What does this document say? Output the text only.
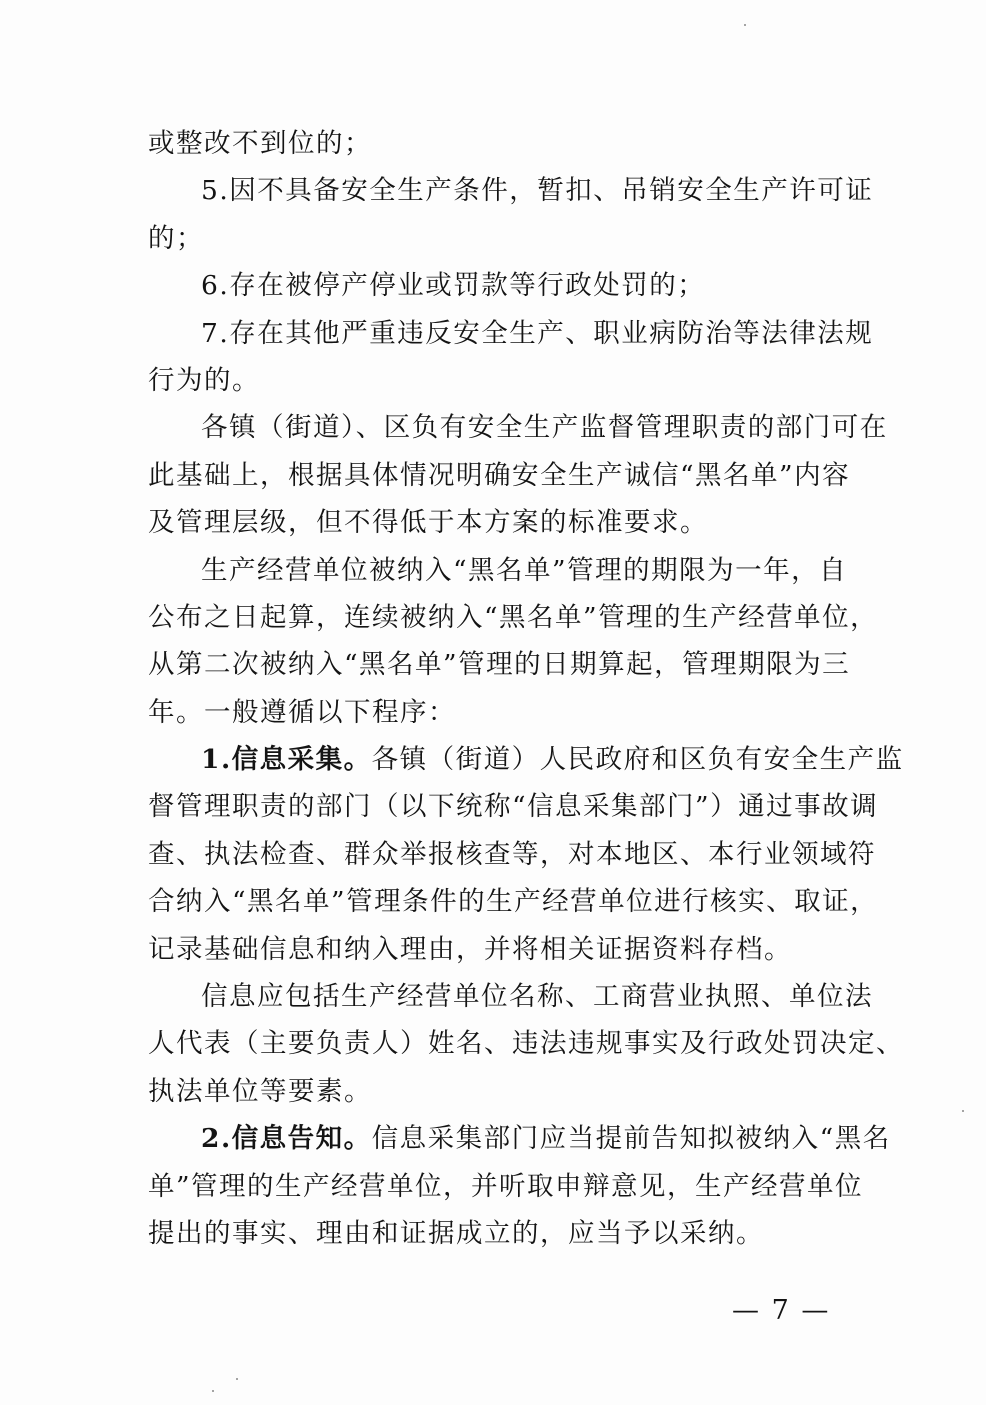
或整改不到位的；
5.因不具备安全生产条件，暂扣、吊销安全生产许可证
的；
6.存在被停产停业或罚款等行政处罚的；
7.存在其他严重违反安全生产、职业病防治等法律法规
行为的。
各镇（街道）、区负有安全生产监督管理职责的部门可在
此基础上，根据具体情况明确安全生产诚信“黑名单”内容
及管理层级，但不得低于本方案的标准要求。
生产经营单位被纳入“黑名单”管理的期限为一年，自
公布之日起算，连续被纳入“黑名单”管理的生产经营单位，
从第二次被纳入“黑名单”管理的日期算起，管理期限为三
年。一般遵循以下程序：
1.信息采集。各镇（街道）人民政府和区负有安全生产监
督管理职责的部门（以下统称“信息采集部门”）通过事故调
查、执法检查、群众举报核查等，对本地区、本行业领域符
合纳入“黑名单”管理条件的生产经营单位进行核实、取证，
记录基础信息和纳入理由，并将相关证据资料存档。
信息应包括生产经营单位名称、工商营业执照、单位法
人代表（主要负责人）姓名、违法违规事实及行政处罚决定、
执法单位等要素。
2.信息告知。信息采集部门应当提前告知拟被纳入“黑名
单”管理的生产经营单位，并听取申辩意见，生产经营单位
提出的事实、理由和证据成立的，应当予以采纳。
— 7 —
